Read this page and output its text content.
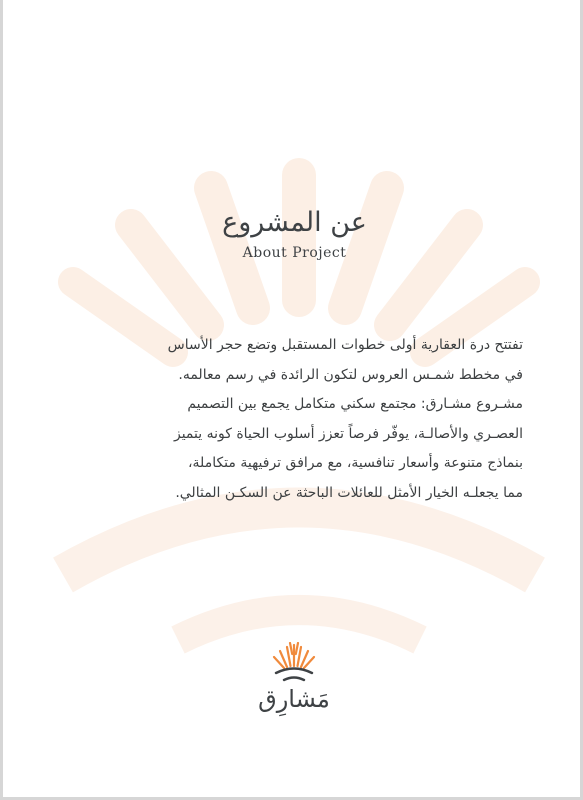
عن المشروع
About Project

تفتتح درة العقارية أولى خطوات المستقبل وتضع حجر الأساس
في مخطط شمـس العروس لتكون الرائدة في رسم معالمه.
مشـروع مشـارق: مجتمع سكني متكامل يجمع بين التصميم
العصـري والأصالـة، يوفّر فرصاً تعزز أسلوب الحياة كونه يتميز
بنماذج متنوعة وأسعار تنافسية، مع مرافق ترفيهية متكاملة،
مما يجعلـه الخيار الأمثل للعائلات الباحثة عن السكـن المثالي.

مَشارِق
